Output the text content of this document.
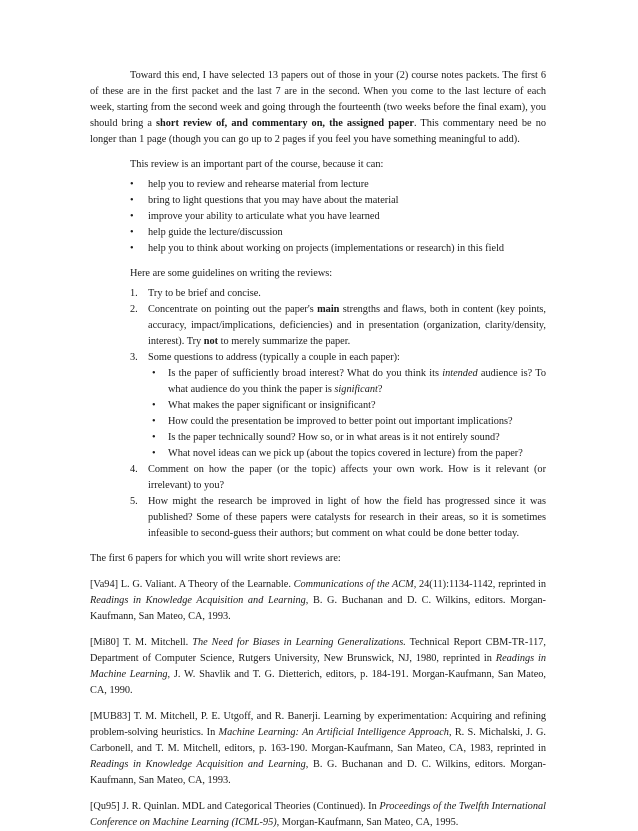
Toward this end, I have selected 13 papers out of those in your (2) course notes packets. The first 6 of these are in the first packet and the last 7 are in the second. When you come to the last lecture of each week, starting from the second week and going through the fourteenth (two weeks before the final exam), you should bring a short review of, and commentary on, the assigned paper. This commentary need be no longer than 1 page (though you can go up to 2 pages if you feel you have something meaningful to add).

This review is an important part of the course, because it can:

• help you to review and rehearse material from lecture
• bring to light questions that you may have about the material
• improve your ability to articulate what you have learned
• help guide the lecture/discussion
• help you to think about working on projects (implementations or research) in this field

Here are some guidelines on writing the reviews:

1. Try to be brief and concise.
2. Concentrate on pointing out the paper's main strengths and flaws, both in content (key points, accuracy, impact/implications, deficiencies) and in presentation (organization, clarity/density, interest). Try not to merely summarize the paper.
3. Some questions to address (typically a couple in each paper):
• Is the paper of sufficiently broad interest? What do you think its intended audience is? To what audience do you think the paper is significant?
• What makes the paper significant or insignificant?
• How could the presentation be improved to better point out important implications?
• Is the paper technically sound? How so, or in what areas is it not entirely sound?
• What novel ideas can we pick up (about the topics covered in lecture) from the paper?
4. Comment on how the paper (or the topic) affects your own work. How is it relevant (or irrelevant) to you?
5. How might the research be improved in light of how the field has progressed since it was published? Some of these papers were catalysts for research in their areas, so it is sometimes infeasible to second-guess their authors; but comment on what could be done better today.

The first 6 papers for which you will write short reviews are:

[Va94] L. G. Valiant. A Theory of the Learnable. Communications of the ACM, 24(11):1134-1142, reprinted in Readings in Knowledge Acquisition and Learning, B. G. Buchanan and D. C. Wilkins, editors. Morgan-Kaufmann, San Mateo, CA, 1993.

[Mi80] T. M. Mitchell. The Need for Biases in Learning Generalizations. Technical Report CBM-TR-117, Department of Computer Science, Rutgers University, New Brunswick, NJ, 1980, reprinted in Readings in Machine Learning, J. W. Shavlik and T. G. Dietterich, editors, p. 184-191. Morgan-Kaufmann, San Mateo, CA, 1990.

[MUB83] T. M. Mitchell, P. E. Utgoff, and R. Banerji. Learning by experimentation: Acquiring and refining problem-solving heuristics. In Machine Learning: An Artificial Intelligence Approach, R. S. Michalski, J. G. Carbonell, and T. M. Mitchell, editors, p. 163-190. Morgan-Kaufmann, San Mateo, CA, 1983, reprinted in Readings in Knowledge Acquisition and Learning, B. G. Buchanan and D. C. Wilkins, editors. Morgan-Kaufmann, San Mateo, CA, 1993.

[Qu95] J. R. Quinlan. MDL and Categorical Theories (Continued). In Proceedings of the Twelfth International Conference on Machine Learning (ICML-95), Morgan-Kaufmann, San Mateo, CA, 1995.
